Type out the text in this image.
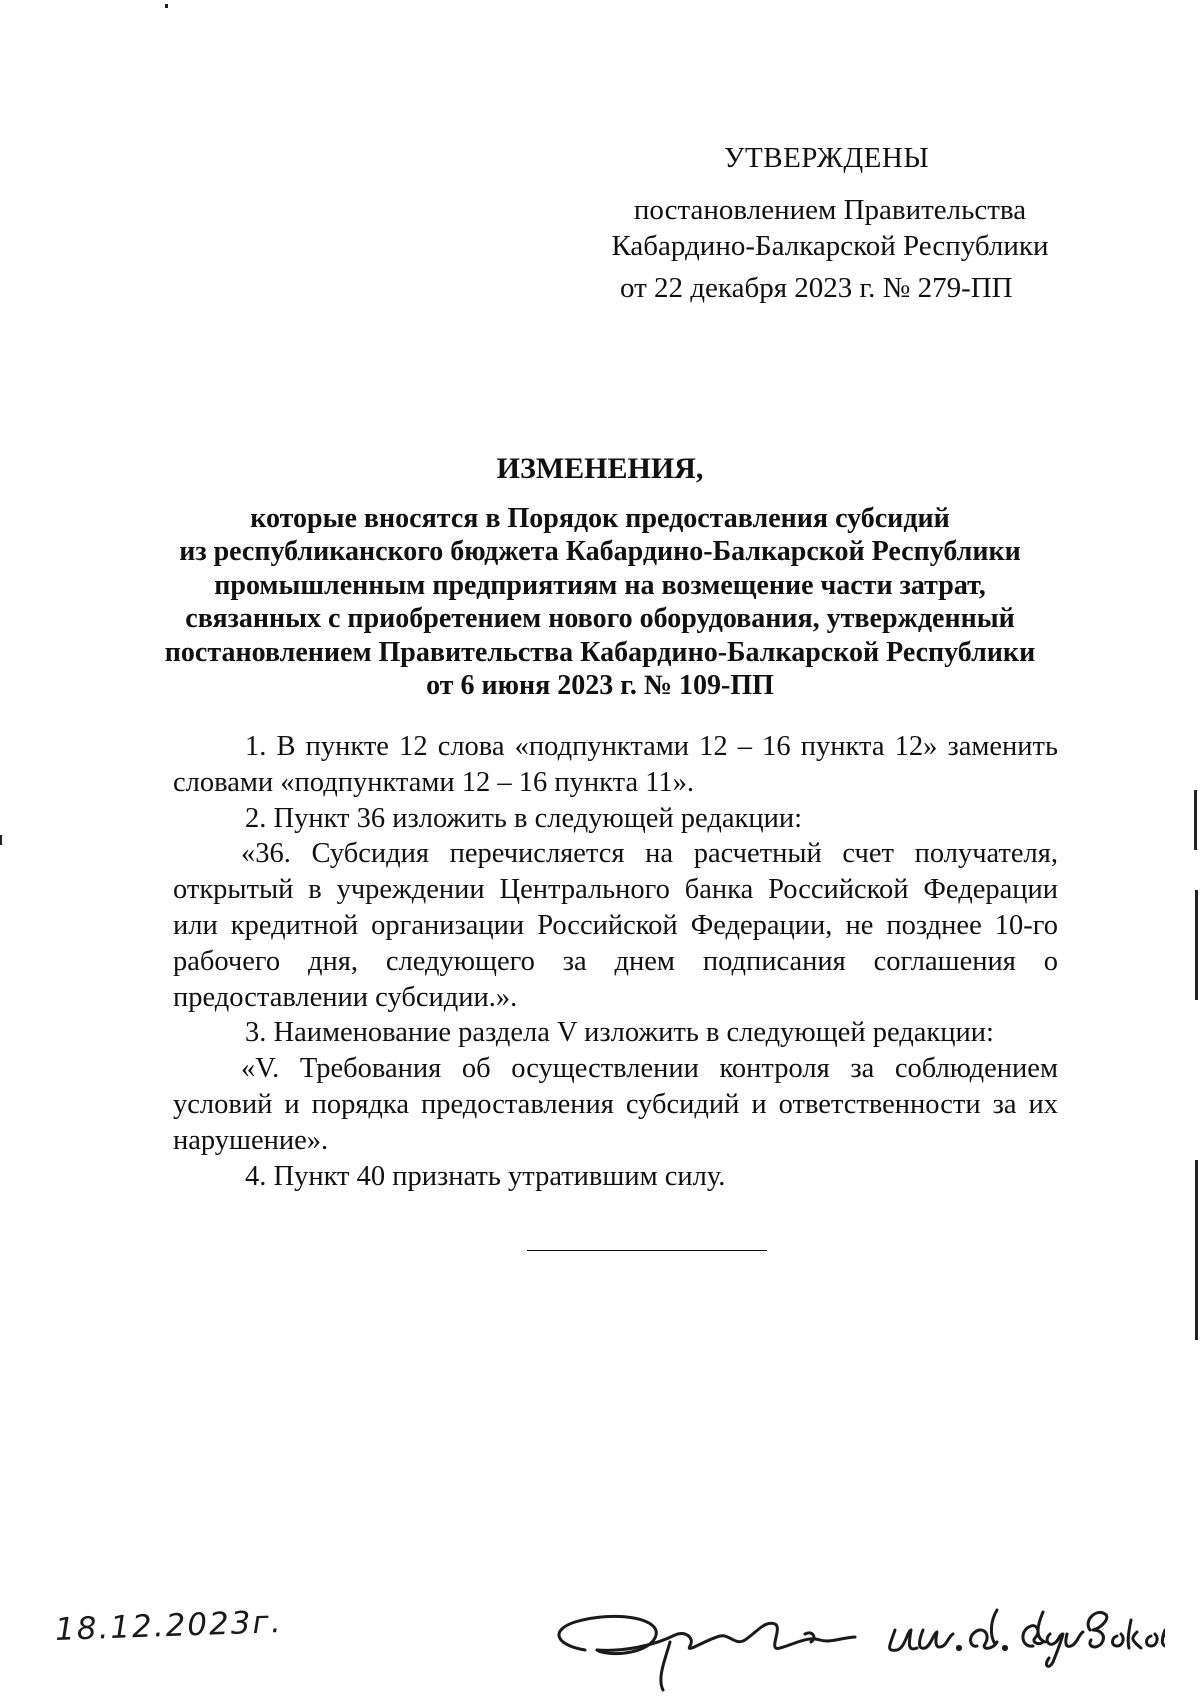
УТВЕРЖДЕНЫ
постановлением Правительства
Кабардино-Балкарской Республики
от 22 декабря 2023 г. № 279-ПП
ИЗМЕНЕНИЯ,
которые вносятся в Порядок предоставления субсидий
из республиканского бюджета Кабардино-Балкарской Республики
промышленным предприятиям на возмещение части затрат,
связанных с приобретением нового оборудования, утвержденный
постановлением Правительства Кабардино-Балкарской Республики
от 6 июня 2023 г. № 109-ПП

1. В пункте 12 слова «подпунктами 12 – 16 пункта 12» заменить словами «подпунктами 12 – 16 пункта 11».

2. Пункт 36 изложить в следующей редакции:

«36. Субсидия перечисляется на расчетный счет получателя, открытый в учреждении Центрального банка Российской Федерации или кредитной организации Российской Федерации, не позднее 10-го рабочего дня, следующего за днем подписания соглашения о предоставлении субсидии.».

3. Наименование раздела V изложить в следующей редакции:

«V. Требования об осуществлении контроля за соблюдением условий и порядка предоставления субсидий и ответственности за их нарушение».

4. Пункт 40 признать утратившим силу.

18.12.2023г.
